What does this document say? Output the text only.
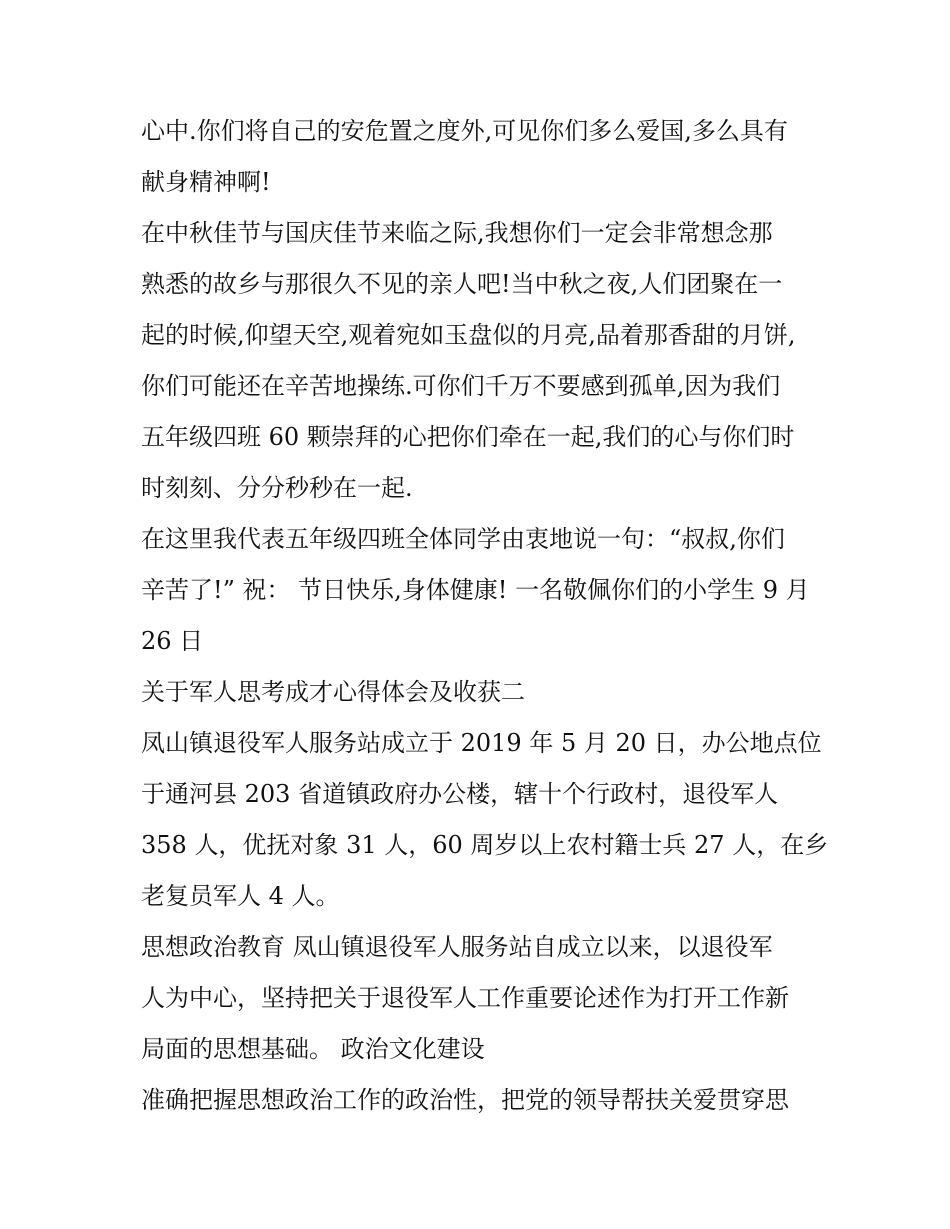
心中.你们将自己的安危置之度外,可见你们多么爱国,多么具有
献身精神啊!
在中秋佳节与国庆佳节来临之际,我想你们一定会非常想念那
熟悉的故乡与那很久不见的亲人吧!当中秋之夜,人们团聚在一
起的时候,仰望天空,观着宛如玉盘似的月亮,品着那香甜的月饼,
你们可能还在辛苦地操练.可你们千万不要感到孤单,因为我们
五年级四班 60 颗崇拜的心把你们牵在一起,我们的心与你们时
时刻刻、分分秒秒在一起.
在这里我代表五年级四班全体同学由衷地说一句：“叔叔,你们
辛苦了!” 祝： 节日快乐,身体健康! 一名敬佩你们的小学生 9 月
26 日
关于军人思考成才心得体会及收获二
凤山镇退役军人服务站成立于 2019 年 5 月 20 日，办公地点位
于通河县 203 省道镇政府办公楼，辖十个行政村，退役军人
358 人，优抚对象 31 人，60 周岁以上农村籍士兵 27 人，在乡
老复员军人 4 人。
思想政治教育 凤山镇退役军人服务站自成立以来，以退役军
人为中心，坚持把关于退役军人工作重要论述作为打开工作新
局面的思想基础。 政治文化建设
准确把握思想政治工作的政治性，把党的领导帮扶关爱贯穿思
